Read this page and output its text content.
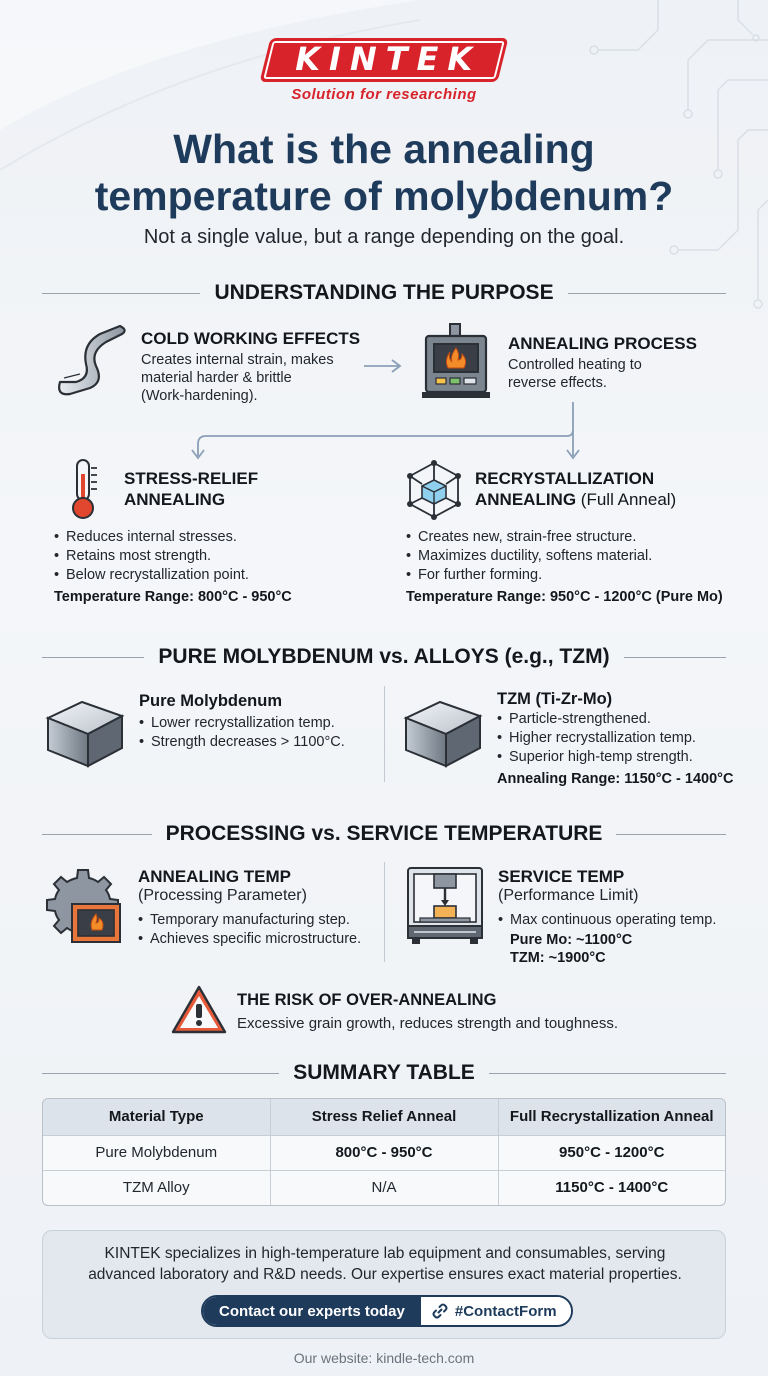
KINTEK
Solution for researching
What is the annealing
temperature of molybdenum?
Not a single value, but a range depending on the goal.
UNDERSTANDING THE PURPOSE
COLD WORKING EFFECTS
Creates internal strain, makes
material harder & brittle
(Work-hardening).
ANNEALING PROCESS
Controlled heating to
reverse effects.
STRESS-RELIEF
ANNEALING
• Reduces internal stresses.
• Retains most strength.
• Below recrystallization point.
Temperature Range: 800°C - 950°C
RECRYSTALLIZATION
ANNEALING (Full Anneal)
• Creates new, strain-free structure.
• Maximizes ductility, softens material.
• For further forming.
Temperature Range: 950°C - 1200°C (Pure Mo)
PURE MOLYBDENUM vs. ALLOYS (e.g., TZM)
Pure Molybdenum
• Lower recrystallization temp.
• Strength decreases > 1100°C.
TZM (Ti-Zr-Mo)
• Particle-strengthened.
• Higher recrystallization temp.
• Superior high-temp strength.
Annealing Range: 1150°C - 1400°C
PROCESSING vs. SERVICE TEMPERATURE
ANNEALING TEMP
(Processing Parameter)
• Temporary manufacturing step.
• Achieves specific microstructure.
SERVICE TEMP
(Performance Limit)
• Max continuous operating temp.
Pure Mo: ~1100°C
TZM: ~1900°C
THE RISK OF OVER-ANNEALING
Excessive grain growth, reduces strength and toughness.
SUMMARY TABLE
Material Type	Stress Relief Anneal	Full Recrystallization Anneal
Pure Molybdenum	800°C - 950°C	950°C - 1200°C
TZM Alloy	N/A	1150°C - 1400°C
KINTEK specializes in high-temperature lab equipment and consumables, serving
advanced laboratory and R&D needs. Our expertise ensures exact material properties.
Contact our experts today	#ContactForm
Our website: kindle-tech.com
